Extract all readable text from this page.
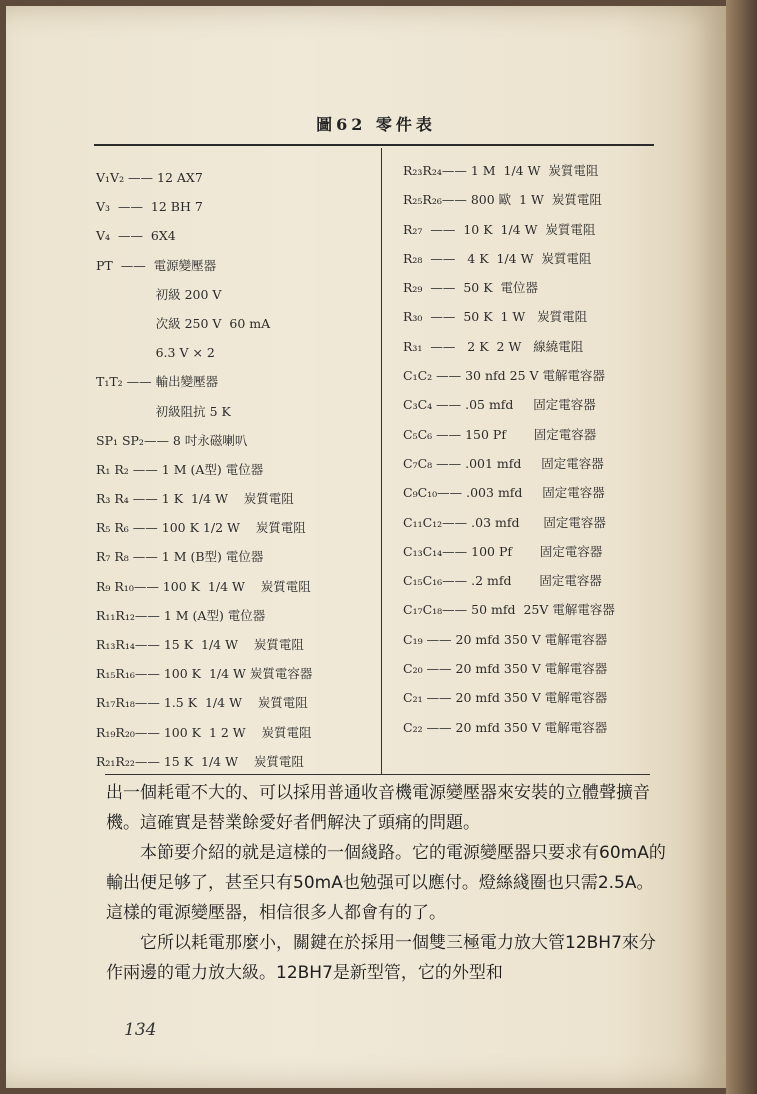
圖62 零件表
V₁V₂ —— 12 AX7
V₃  ——  12 BH 7
V₄  ——  6X4
PT  ——  電源變壓器
初級 200 V
次級 250 V  60 mA
6.3 V × 2
T₁T₂ —— 輸出變壓器
初級阻抗 5 K
SP₁ SP₂—— 8 吋永磁喇叭
R₁ R₂ —— 1 M (A型) 電位器
R₃ R₄ —— 1 K  1/4 W    炭質電阻
R₅ R₆ —— 100 K 1/2 W    炭質電阻
R₇ R₈ —— 1 M (B型) 電位器
R₉ R₁₀—— 100 K  1/4 W    炭質電阻
R₁₁R₁₂—— 1 M (A型) 電位器
R₁₃R₁₄—— 15 K  1/4 W    炭質電阻
R₁₅R₁₆—— 100 K  1/4 W 炭質電容器
R₁₇R₁₈—— 1.5 K  1/4 W    炭質電阻
R₁₉R₂₀—— 100 K  1 2 W    炭質電阻
R₂₁R₂₂—— 15 K  1/4 W    炭質電阻
R₂₃R₂₄—— 1 M  1/4 W  炭質電阻
R₂₅R₂₆—— 800 歐  1 W  炭質電阻
R₂₇  ——  10 K  1/4 W  炭質電阻
R₂₈  ——   4 K  1/4 W  炭質電阻
R₂₉  ——  50 K  電位器
R₃₀  ——  50 K  1 W   炭質電阻
R₃₁  ——   2 K  2 W   線繞電阻
C₁C₂ —— 30 nfd 25 V 電解電容器
C₃C₄ —— .05 mfd     固定電容器
C₅C₆ —— 150 Pf       固定電容器
C₇C₈ —— .001 mfd     固定電容器
C₉C₁₀—— .003 mfd     固定電容器
C₁₁C₁₂—— .03 mfd      固定電容器
C₁₃C₁₄—— 100 Pf       固定電容器
C₁₅C₁₆—— .2 mfd       固定電容器
C₁₇C₁₈—— 50 mfd  25V 電解電容器
C₁₉ —— 20 mfd 350 V 電解電容器
C₂₀ —— 20 mfd 350 V 電解電容器
C₂₁ —— 20 mfd 350 V 電解電容器
C₂₂ —— 20 mfd 350 V 電解電容器

出一個耗電不大的、可以採用普通收音機電源變壓器來安裝的立體聲擴音機。這確實是替業餘愛好者們解決了頭痛的問題。

本節要介紹的就是這樣的一個綫路。它的電源變壓器只要求有60mA的輸出便足够了，甚至只有50mA也勉强可以應付。燈絲綫圈也只需2.5A。這樣的電源變壓器，相信很多人都會有的了。

它所以耗電那麼小，關鍵在於採用一個雙三極電力放大管12BH7來分作兩邊的電力放大級。12BH7是新型管，它的外型和

134
